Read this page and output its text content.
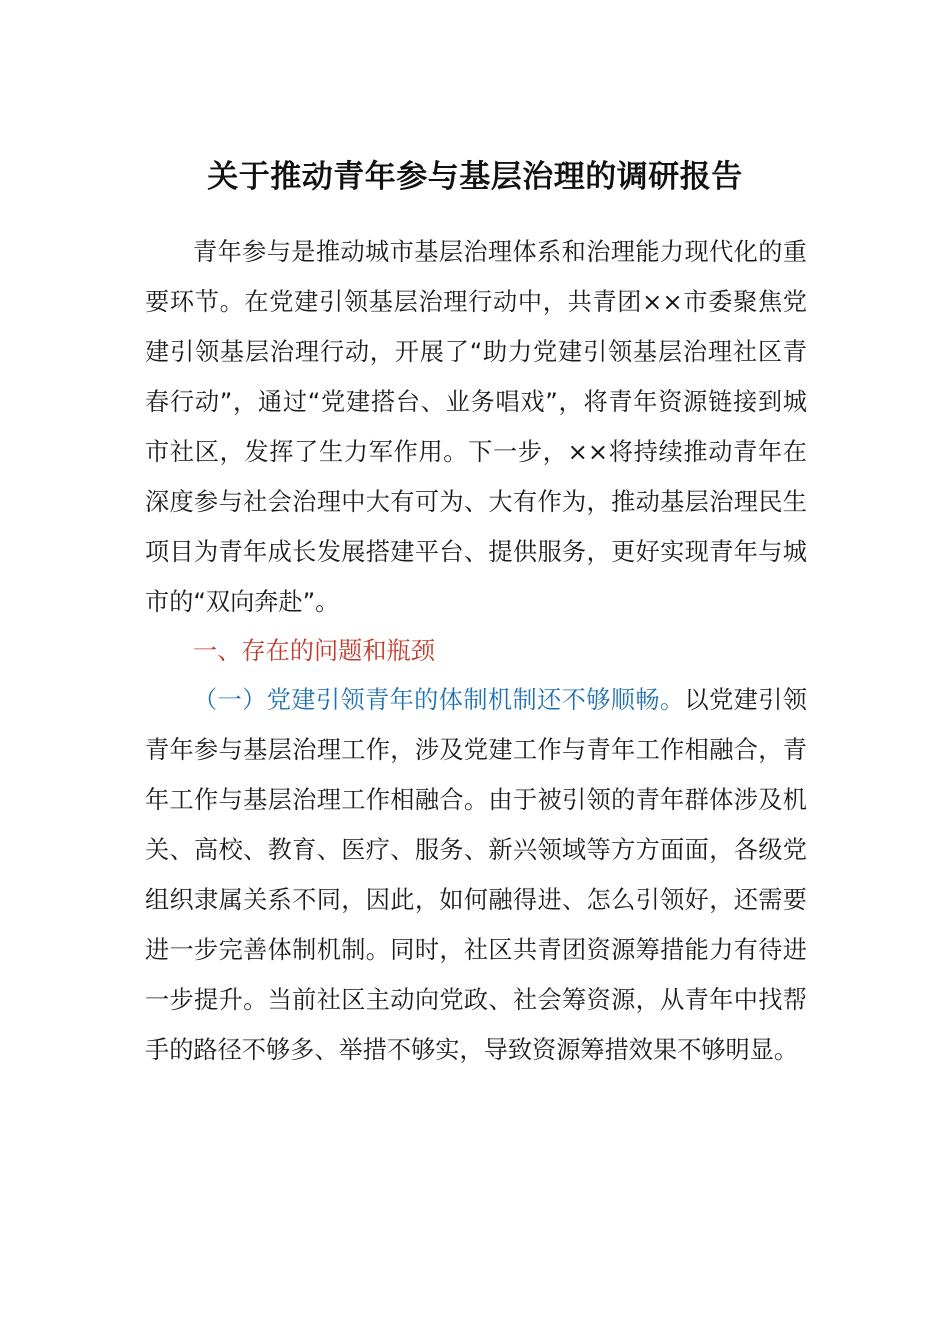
关于推动青年参与基层治理的调研报告
青年参与是推动城市基层治理体系和治理能力现代化的重要环节。在党建引领基层治理行动中，共青团××市委聚焦党建引领基层治理行动，开展了“助力党建引领基层治理社区青春行动”，通过“党建搭台、业务唱戏”，将青年资源链接到城市社区，发挥了生力军作用。下一步，××将持续推动青年在深度参与社会治理中大有可为、大有作为，推动基层治理民生项目为青年成长发展搭建平台、提供服务，更好实现青年与城市的“双向奔赴”。
一、存在的问题和瓶颈
（一）党建引领青年的体制机制还不够顺畅。以党建引领青年参与基层治理工作，涉及党建工作与青年工作相融合，青年工作与基层治理工作相融合。由于被引领的青年群体涉及机关、高校、教育、医疗、服务、新兴领域等方方面面，各级党组织隶属关系不同，因此，如何融得进、怎么引领好，还需要进一步完善体制机制。同时，社区共青团资源筹措能力有待进一步提升。当前社区主动向党政、社会筹资源，从青年中找帮手的路径不够多、举措不够实，导致资源筹措效果不够明显。
